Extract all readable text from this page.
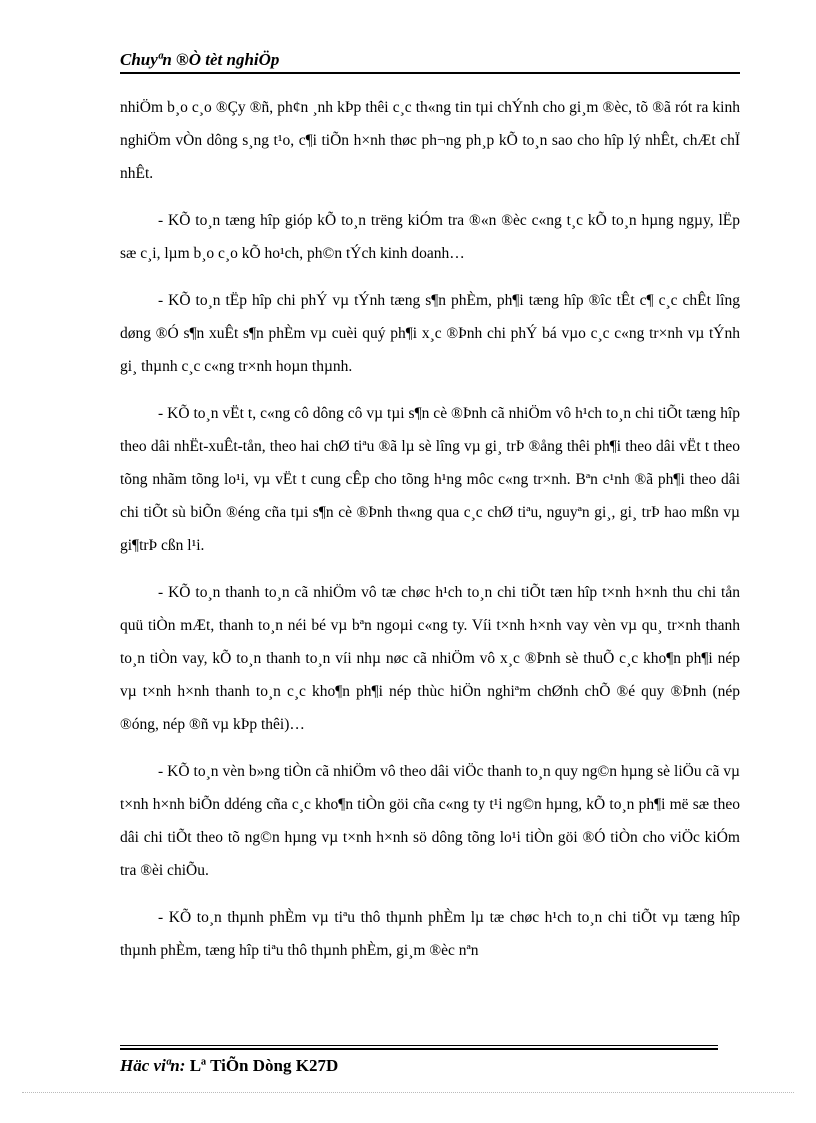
Chuyªn ®Ò tèt nghiÖp

nhiÖm b¸o c¸o ®Çy ®ñ, ph¢n ¸nh kÞp thêi c¸c th«ng tin tµi chÝnh cho gi¸m ®èc, tõ ®ã rót ra kinh nghiÖm vÒn dông s¸ng t¹o, c¶i tiÕn h×nh thøc ph¬ng ph¸p kÕ to¸n sao cho hîp lý nhÊt, chÆt chÏ nhÊt.

- KÕ to¸n tæng hîp gióp kÕ to¸n trëng kiÓm tra ®«n ®èc c«ng t¸c kÕ to¸n hµng ngµy, lËp sæ c¸i, lµm b¸o c¸o kÕ ho¹ch, ph©n tÝch kinh doanh…

- KÕ to¸n tËp hîp chi phÝ vµ tÝnh tæng s¶n phÈm, ph¶i tæng hîp ®îc tÊt c¶ c¸c chÊt lîng døng ®Ó s¶n xuÊt s¶n phÈm vµ cuèi quý ph¶i x¸c ®Þnh chi phÝ bá vµo c¸c c«ng tr×nh vµ tÝnh gi¸ thµnh c¸c c«ng tr×nh hoµn thµnh.

- KÕ to¸n vËt t, c«ng cô dông cô vµ tµi s¶n cè ®Þnh cã nhiÖm vô h¹ch to¸n chi tiÕt tæng hîp theo dâi nhËt-xuÊt-tån, theo hai chØ tiªu ®ã lµ sè lîng vµ gi¸ trÞ ®ång thêi ph¶i theo dâi vËt t theo tõng nhãm tõng lo¹i, vµ vËt t cung cÊp cho tõng h¹ng môc c«ng tr×nh. Bªn c¹nh ®ã ph¶i theo dâi chi tiÕt sù biÕn ®éng cña tµi s¶n cè ®Þnh th«ng qua c¸c chØ tiªu, nguyªn gi¸, gi¸ trÞ hao mßn vµ gi¶trÞ cßn l¹i.

- KÕ to¸n thanh to¸n cã nhiÖm vô tæ chøc h¹ch to¸n chi tiÕt tæn hîp t×nh h×nh thu chi tån quü tiÒn mÆt, thanh to¸n néi bé vµ bªn ngoµi c«ng ty. Víi t×nh h×nh vay vèn vµ qu¸ tr×nh thanh to¸n tiÒn vay, kÕ to¸n thanh to¸n víi nhµ nøc cã nhiÖm vô x¸c ®Þnh sè thuÕ c¸c kho¶n ph¶i nép vµ t×nh h×nh thanh to¸n c¸c kho¶n ph¶i nép thùc hiÖn nghiªm chØnh chÕ ®é quy ®Þnh (nép ®óng, nép ®ñ vµ kÞp thêi)…

- KÕ to¸n vèn b»ng tiÒn cã nhiÖm vô theo dâi viÖc thanh to¸n quy ng©n hµng sè liÖu cã vµ t×nh h×nh biÕn ddéng cña c¸c kho¶n tiÒn göi cña c«ng ty t¹i ng©n hµng, kÕ to¸n ph¶i më sæ theo dâi chi tiÕt theo tõ ng©n hµng vµ t×nh h×nh sö dông tõng lo¹i tiÒn göi ®Ó tiÒn cho viÖc kiÓm tra ®èi chiÕu.

- KÕ to¸n thµnh phÈm vµ tiªu thô thµnh phÈm lµ tæ chøc h¹ch to¸n chi tiÕt vµ tæng hîp thµnh phÈm, tæng hîp tiªu thô thµnh phÈm, gi¸m ®èc nªn

Häc viªn: Lª TiÕn Dòng K27D
